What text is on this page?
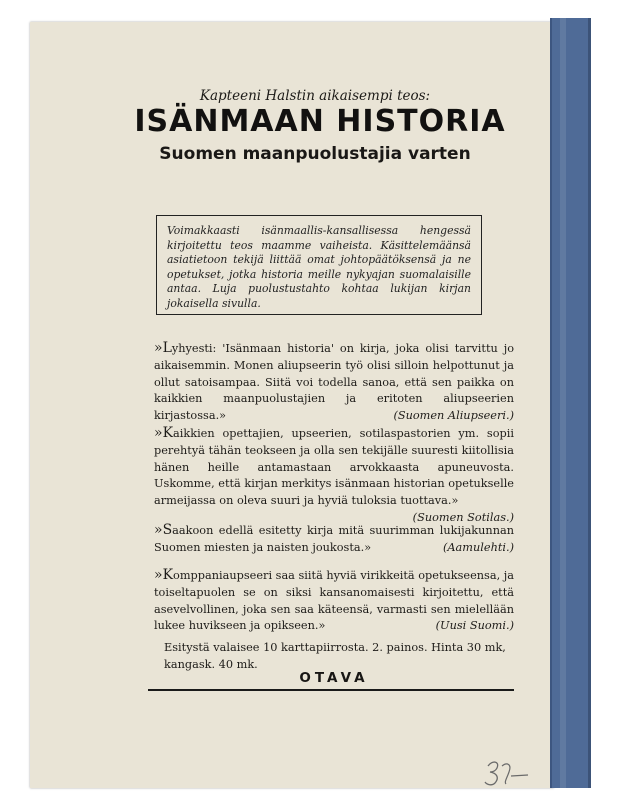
Kapteeni Halstin aikaisempi teos:
ISÄNMAAN HISTORIA
Suomen maanpuolustajia varten
Voimakkaasti isänmaallis-kansallisessa hengessä kirjoitettu teos maamme vaiheista. Käsittelemäänsä asiatietoon tekijä liittää omat johtopäätöksensä ja ne opetukset, jotka historia meille nykyajan suomalaisille antaa. Luja puolustustahto kohtaa lukijan kirjan jokaisella sivulla.
»Lyhyesti: 'Isänmaan historia' on kirja, joka olisi tarvittu jo aikaisemmin. Monen aliupseerin työ olisi silloin helpottunut ja ollut satoisampaa. Siitä voi todella sanoa, että sen paikka on kaikkien maanpuolustajien ja eritoten aliupseerien kirjastossa.»	(Suomen Aliupseeri.)
»Kaikkien opettajien, upseerien, sotilaspastorien ym. sopii perehtyä tähän teokseen ja olla sen tekijälle suuresti kiitollisia hänen heille antamastaan arvokkaasta apuneuvosta. Uskomme, että kirjan merkitys isänmaan historian opetukselle armeijassa on oleva suuri ja hyviä tuloksia tuottava.»
(Suomen Sotilas.)
»Saakoon edellä esitetty kirja mitä suurimman lukijakunnan Suomen miesten ja naisten joukosta.»	(Aamulehti.)
»Komppaniaupseeri saa siitä hyviä virikkeitä opetukseensa, ja toiseltapuolen se on siksi kansanomaisesti kirjoitettu, että asevelvollinen, joka sen saa käteensä, varmasti sen mielellään lukee huvikseen ja opikseen.»	(Uusi Suomi.)
Esitystä valaisee 10 karttapiirrosta. 2. painos. Hinta 30 mk, kangask. 40 mk.
OTAVA
